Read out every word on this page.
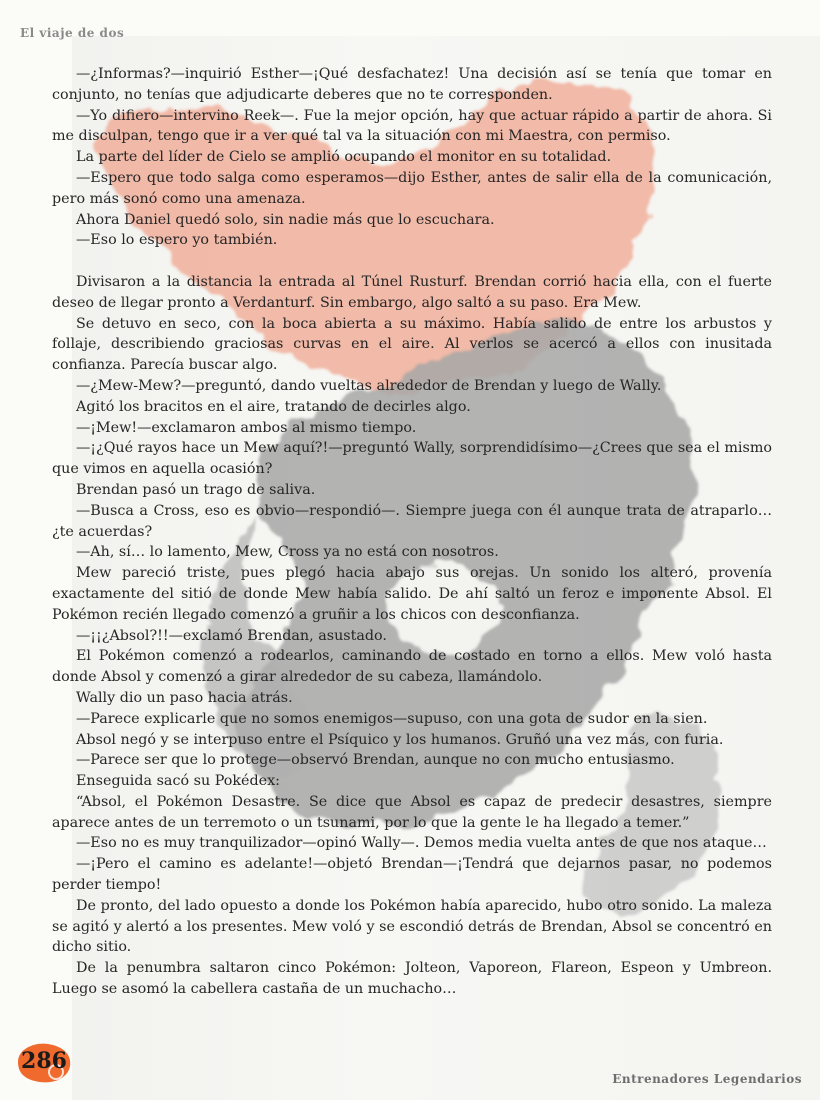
El viaje de dos

—¿Informas?—inquirió Esther—¡Qué desfachatez! Una decisión así se tenía que tomar en conjunto, no tenías que adjudicarte deberes que no te corresponden.

—Yo difiero—intervino Reek—. Fue la mejor opción, hay que actuar rápido a partir de ahora. Si me disculpan, tengo que ir a ver qué tal va la situación con mi Maestra, con permiso.

La parte del líder de Cielo se amplió ocupando el monitor en su totalidad.

—Espero que todo salga como esperamos—dijo Esther, antes de salir ella de la comunicación, pero más sonó como una amenaza.

Ahora Daniel quedó solo, sin nadie más que lo escuchara.

—Eso lo espero yo también.

Divisaron a la distancia la entrada al Túnel Rusturf. Brendan corrió hacia ella, con el fuerte deseo de llegar pronto a Verdanturf. Sin embargo, algo saltó a su paso. Era Mew.

Se detuvo en seco, con la boca abierta a su máximo. Había salido de entre los arbustos y follaje, describiendo graciosas curvas en el aire. Al verlos se acercó a ellos con inusitada confianza. Parecía buscar algo.

—¿Mew-Mew?—preguntó, dando vueltas alrededor de Brendan y luego de Wally.

Agitó los bracitos en el aire, tratando de decirles algo.

—¡Mew!—exclamaron ambos al mismo tiempo.

—¡¿Qué rayos hace un Mew aquí?!—preguntó Wally, sorprendidísimo—¿Crees que sea el mismo que vimos en aquella ocasión?

Brendan pasó un trago de saliva.

—Busca a Cross, eso es obvio—respondió—. Siempre juega con él aunque trata de atraparlo… ¿te acuerdas?

—Ah, sí… lo lamento, Mew, Cross ya no está con nosotros.

Mew pareció triste, pues plegó hacia abajo sus orejas. Un sonido los alteró, provenía exactamente del sitió de donde Mew había salido. De ahí saltó un feroz e imponente Absol. El Pokémon recién llegado comenzó a gruñir a los chicos con desconfianza.

—¡¡¿Absol?!!—exclamó Brendan, asustado.

El Pokémon comenzó a rodearlos, caminando de costado en torno a ellos. Mew voló hasta donde Absol y comenzó a girar alrededor de su cabeza, llamándolo.

Wally dio un paso hacia atrás.

—Parece explicarle que no somos enemigos—supuso, con una gota de sudor en la sien.

Absol negó y se interpuso entre el Psíquico y los humanos. Gruñó una vez más, con furia.

—Parece ser que lo protege—observó Brendan, aunque no con mucho entusiasmo.

Enseguida sacó su Pokédex:

“Absol, el Pokémon Desastre. Se dice que Absol es capaz de predecir desastres, siempre aparece antes de un terremoto o un tsunami, por lo que la gente le ha llegado a temer.”

—Eso no es muy tranquilizador—opinó Wally—. Demos media vuelta antes de que nos ataque…

—¡Pero el camino es adelante!—objetó Brendan—¡Tendrá que dejarnos pasar, no podemos perder tiempo!

De pronto, del lado opuesto a donde los Pokémon había aparecido, hubo otro sonido. La maleza se agitó y alertó a los presentes. Mew voló y se escondió detrás de Brendan, Absol se concentró en dicho sitio.

De la penumbra saltaron cinco Pokémon: Jolteon, Vaporeon, Flareon, Espeon y Umbreon. Luego se asomó la cabellera castaña de un muchacho…

286
Entrenadores Legendarios
